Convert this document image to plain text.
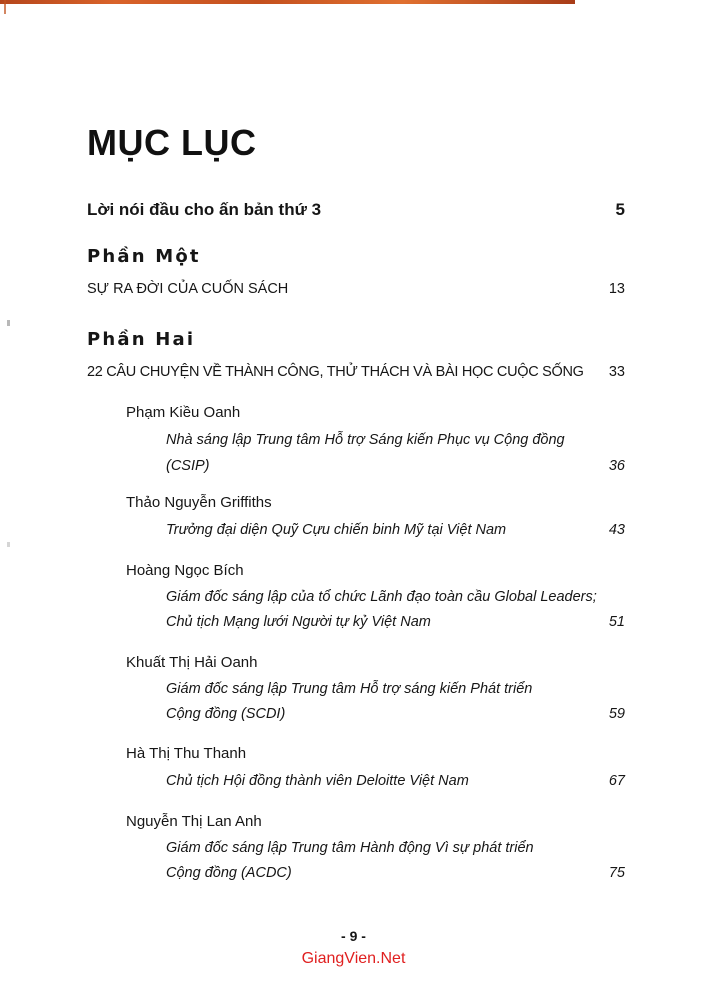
MỤC LỤC
Lời nói đầu cho ấn bản thứ 3	5
Phần Một
SỰ RA ĐỜI CỦA CUỐN SÁCH	13
Phần Hai
22 CÂU CHUYỆN VỀ THÀNH CÔNG, THỬ THÁCH VÀ BÀI HỌC CUỘC SỐNG 33
Phạm Kiều Oanh
Nhà sáng lập Trung tâm Hỗ trợ Sáng kiến Phục vụ Cộng đồng
(CSIP)	36
Thảo Nguyễn Griffiths
Trưởng đại diện Quỹ Cựu chiến binh Mỹ tại Việt Nam	43
Hoàng Ngọc Bích
Giám đốc sáng lập của tổ chức Lãnh đạo toàn cầu Global Leaders;
Chủ tịch Mạng lưới Người tự kỷ Việt Nam	51
Khuất Thị Hải Oanh
Giám đốc sáng lập Trung tâm Hỗ trợ sáng kiến Phát triển
Cộng đồng (SCDI)	59
Hà Thị Thu Thanh
Chủ tịch Hội đồng thành viên Deloitte Việt Nam	67
Nguyễn Thị Lan Anh
Giám đốc sáng lập Trung tâm Hành động Vì sự phát triển
Cộng đồng (ACDC)	75
- 9 -
GiangVien.Net
